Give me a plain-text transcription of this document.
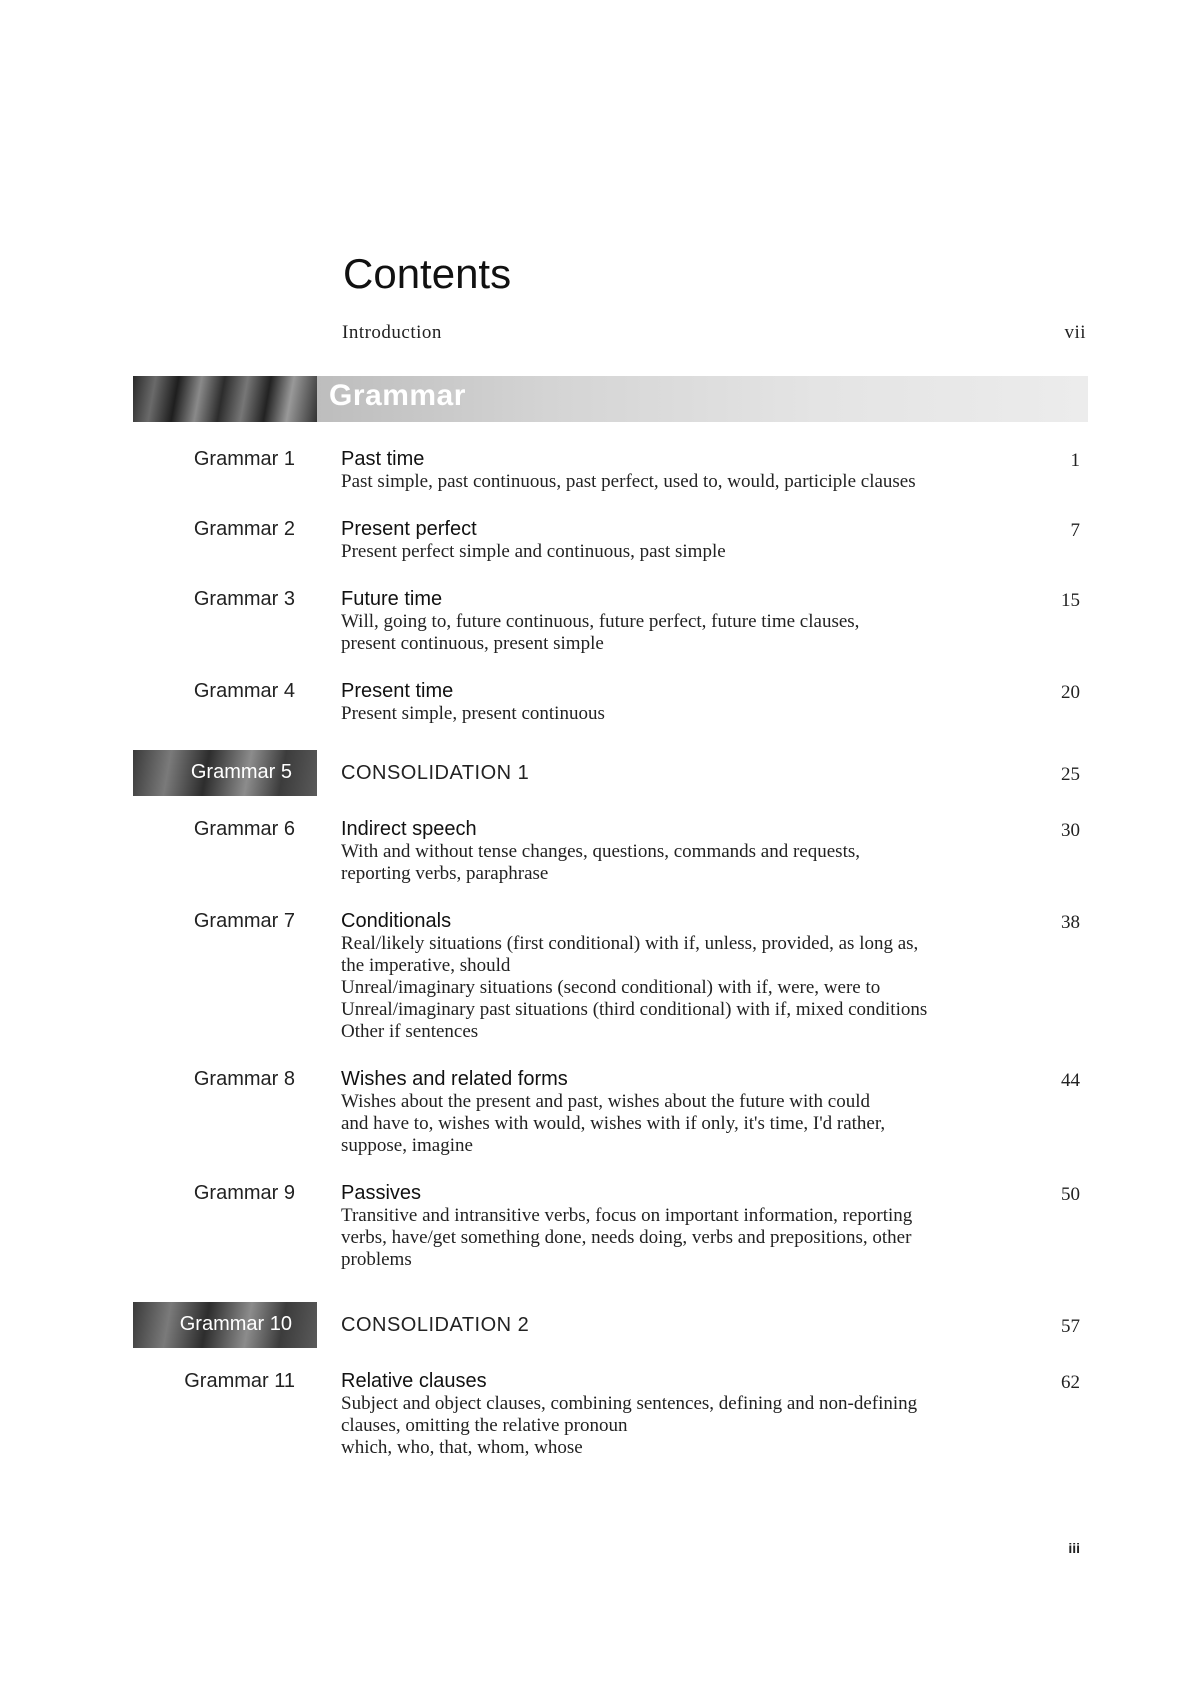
Contents
Introduction	vii
Grammar
Grammar 1 Past time	1
Past simple, past continuous, past perfect, used to, would, participle clauses
Grammar 2 Present perfect	7
Present perfect simple and continuous, past simple
Grammar 3 Future time	15
Will, going to, future continuous, future perfect, future time clauses,
present continuous, present simple
Grammar 4 Present time	20
Present simple, present continuous
Grammar 5 CONSOLIDATION 1	25
Grammar 6 Indirect speech	30
With and without tense changes, questions, commands and requests,
reporting verbs, paraphrase
Grammar 7 Conditionals	38
Real/likely situations (first conditional) with if, unless, provided, as long as,
the imperative, should
Unreal/imaginary situations (second conditional) with if, were, were to
Unreal/imaginary past situations (third conditional) with if, mixed conditions
Other if sentences
Grammar 8 Wishes and related forms	44
Wishes about the present and past, wishes about the future with could
and have to, wishes with would, wishes with if only, it's time, I'd rather,
suppose, imagine
Grammar 9 Passives	50
Transitive and intransitive verbs, focus on important information, reporting
verbs, have/get something done, needs doing, verbs and prepositions, other
problems
Grammar 10 CONSOLIDATION 2	57
Grammar 11 Relative clauses	62
Subject and object clauses, combining sentences, defining and non-defining
clauses, omitting the relative pronoun
which, who, that, whom, whose
iii
